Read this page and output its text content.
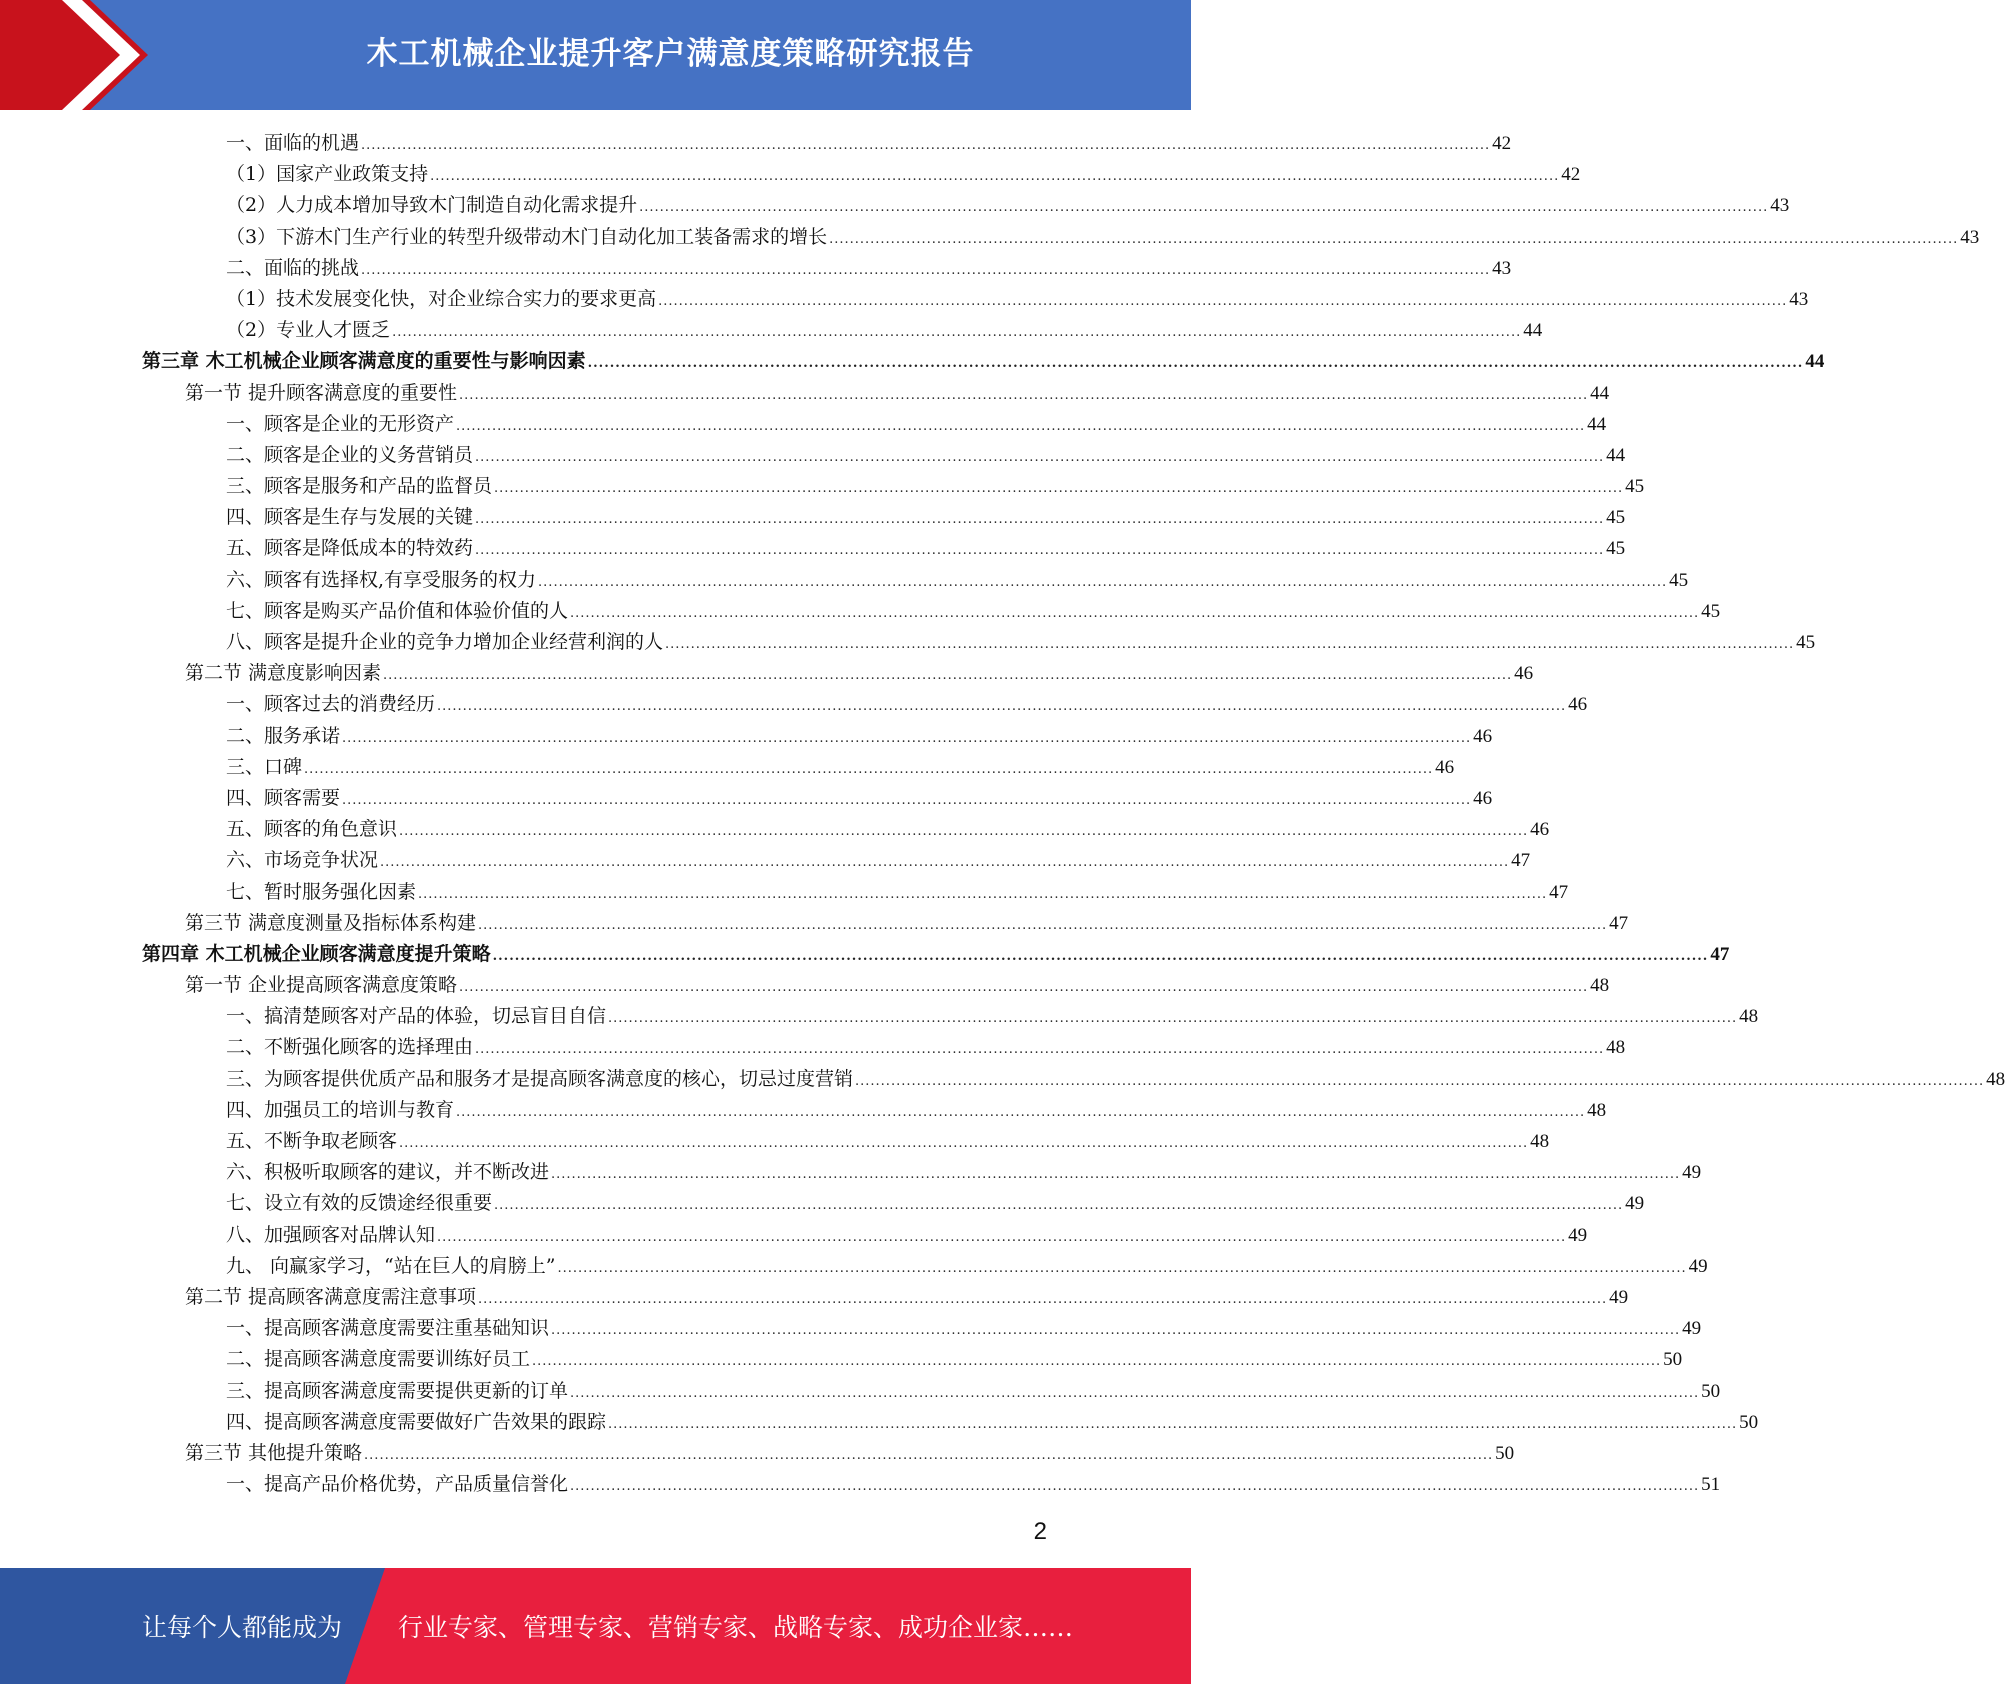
木工机械企业提升客户满意度策略研究报告
一、面临的机遇 ............................................................................................................................................................................................................................ 42
（1）国家产业政策支持 ............................................................................................................................................................................................................................ 42
（2）人力成本增加导致木门制造自动化需求提升 ............................................................................................................................................................................................................................ 43
（3）下游木门生产行业的转型升级带动木门自动化加工装备需求的增长 ............................................................................................................................................................................................................................ 43
二、面临的挑战 ............................................................................................................................................................................................................................ 43
（1）技术发展变化快，对企业综合实力的要求更高 ............................................................................................................................................................................................................................ 43
（2）专业人才匮乏 ............................................................................................................................................................................................................................ 44
第三章 木工机械企业顾客满意度的重要性与影响因素 ............................................................................................................................................................................................................................ 44
第一节 提升顾客满意度的重要性 ............................................................................................................................................................................................................................ 44
一、顾客是企业的无形资产 ............................................................................................................................................................................................................................ 44
二、顾客是企业的义务营销员 ............................................................................................................................................................................................................................ 44
三、顾客是服务和产品的监督员 ............................................................................................................................................................................................................................ 45
四、顾客是生存与发展的关键 ............................................................................................................................................................................................................................ 45
五、顾客是降低成本的特效药 ............................................................................................................................................................................................................................ 45
六、顾客有选择权,有享受服务的权力 ............................................................................................................................................................................................................................ 45
七、顾客是购买产品价值和体验价值的人 ............................................................................................................................................................................................................................ 45
八、顾客是提升企业的竞争力增加企业经营利润的人 ............................................................................................................................................................................................................................ 45
第二节 满意度影响因素 ............................................................................................................................................................................................................................ 46
一、顾客过去的消费经历 ............................................................................................................................................................................................................................ 46
二、服务承诺 ............................................................................................................................................................................................................................ 46
三、口碑 ............................................................................................................................................................................................................................ 46
四、顾客需要 ............................................................................................................................................................................................................................ 46
五、顾客的角色意识 ............................................................................................................................................................................................................................ 46
六、市场竞争状况 ............................................................................................................................................................................................................................ 47
七、暂时服务强化因素 ............................................................................................................................................................................................................................ 47
第三节 满意度测量及指标体系构建 ............................................................................................................................................................................................................................ 47
第四章 木工机械企业顾客满意度提升策略 ............................................................................................................................................................................................................................ 47
第一节 企业提高顾客满意度策略 ............................................................................................................................................................................................................................ 48
一、搞清楚顾客对产品的体验，切忌盲目自信 ............................................................................................................................................................................................................................ 48
二、不断强化顾客的选择理由 ............................................................................................................................................................................................................................ 48
三、为顾客提供优质产品和服务才是提高顾客满意度的核心，切忌过度营销 ............................................................................................................................................................................................................................ 48
四、加强员工的培训与教育 ............................................................................................................................................................................................................................ 48
五、不断争取老顾客 ............................................................................................................................................................................................................................ 48
六、积极听取顾客的建议，并不断改进 ............................................................................................................................................................................................................................ 49
七、设立有效的反馈途经很重要 ............................................................................................................................................................................................................................ 49
八、加强顾客对品牌认知 ............................................................................................................................................................................................................................ 49
九、 向赢家学习，“站在巨人的肩膀上” ............................................................................................................................................................................................................................ 49
第二节 提高顾客满意度需注意事项 ............................................................................................................................................................................................................................ 49
一、提高顾客满意度需要注重基础知识 ............................................................................................................................................................................................................................ 49
二、提高顾客满意度需要训练好员工 ............................................................................................................................................................................................................................ 50
三、提高顾客满意度需要提供更新的订单 ............................................................................................................................................................................................................................ 50
四、提高顾客满意度需要做好广告效果的跟踪 ............................................................................................................................................................................................................................ 50
第三节 其他提升策略 ............................................................................................................................................................................................................................ 50
一、提高产品价格优势，产品质量信誉化 ............................................................................................................................................................................................................................ 51
2
让每个人都能成为 行业专家、管理专家、营销专家、战略专家、成功企业家……
